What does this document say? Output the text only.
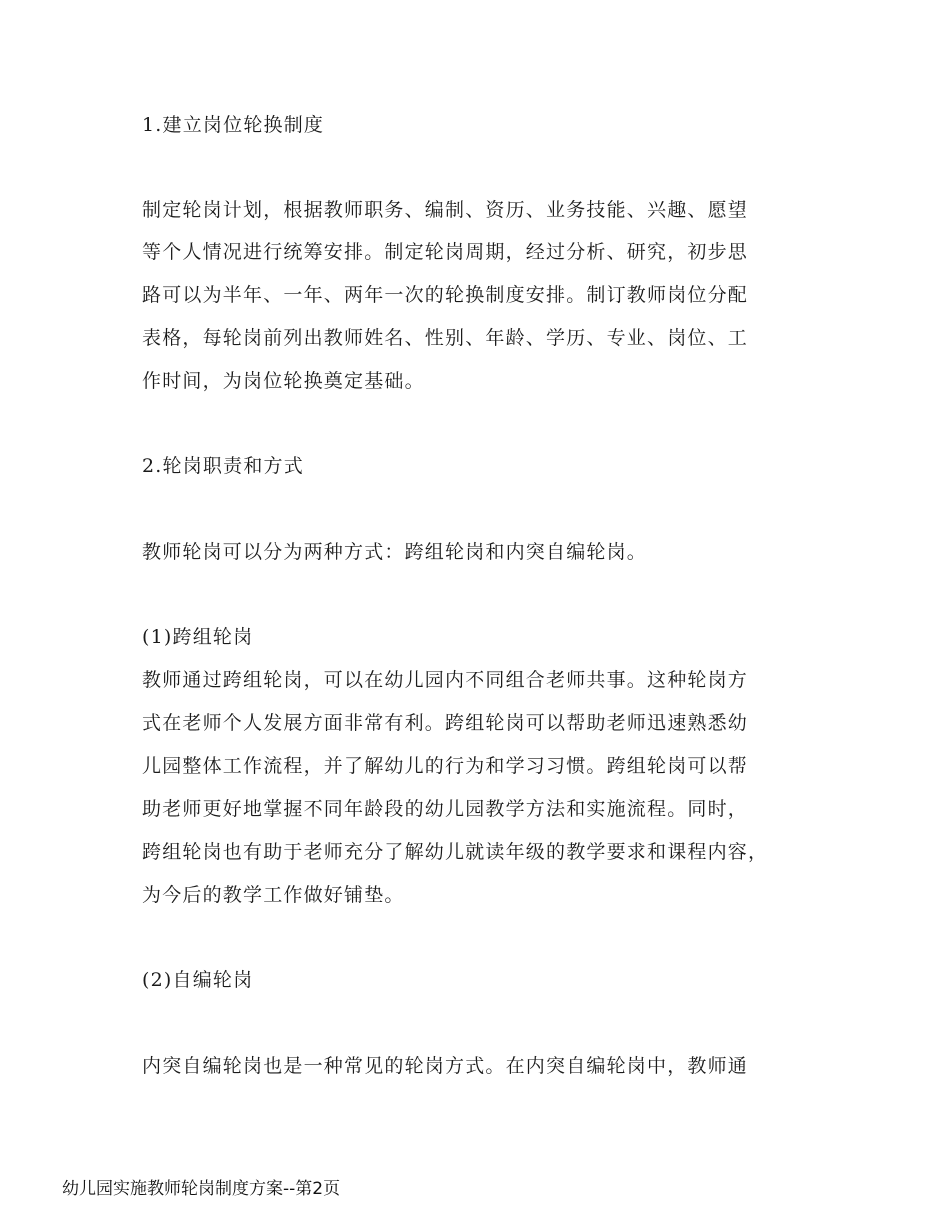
1.建立岗位轮换制度
制定轮岗计划，根据教师职务、编制、资历、业务技能、兴趣、愿望
等个人情况进行统筹安排。制定轮岗周期，经过分析、研究，初步思
路可以为半年、一年、两年一次的轮换制度安排。制订教师岗位分配
表格，每轮岗前列出教师姓名、性别、年龄、学历、专业、岗位、工
作时间，为岗位轮换奠定基础。
2.轮岗职责和方式
教师轮岗可以分为两种方式：跨组轮岗和内突自编轮岗。
(1)跨组轮岗
教师通过跨组轮岗，可以在幼儿园内不同组合老师共事。这种轮岗方
式在老师个人发展方面非常有利。跨组轮岗可以帮助老师迅速熟悉幼
儿园整体工作流程，并了解幼儿的行为和学习习惯。跨组轮岗可以帮
助老师更好地掌握不同年龄段的幼儿园教学方法和实施流程。同时，
跨组轮岗也有助于老师充分了解幼儿就读年级的教学要求和课程内容，
为今后的教学工作做好铺垫。
(2)自编轮岗
内突自编轮岗也是一种常见的轮岗方式。在内突自编轮岗中，教师通
幼儿园实施教师轮岗制度方案--第2页
